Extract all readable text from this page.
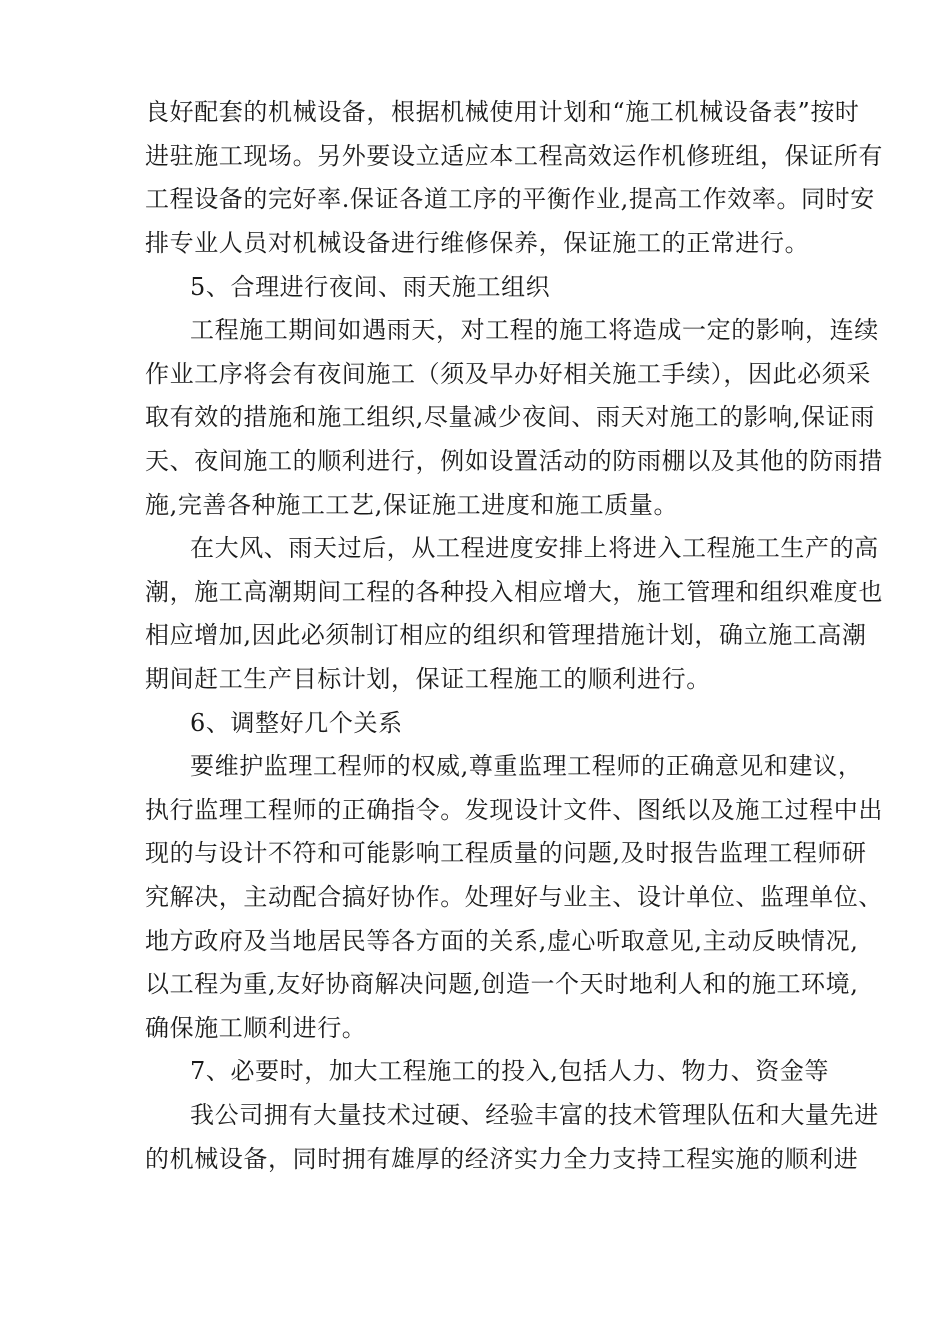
良好配套的机械设备，根据机械使用计划和“施工机械设备表”按时
进驻施工现场。另外要设立适应本工程高效运作机修班组，保证所有
工程设备的完好率.保证各道工序的平衡作业,提高工作效率。同时安
排专业人员对机械设备进行维修保养，保证施工的正常进行。
5、合理进行夜间、雨天施工组织
工程施工期间如遇雨天，对工程的施工将造成一定的影响，连续
作业工序将会有夜间施工（须及早办好相关施工手续），因此必须采
取有效的措施和施工组织,尽量减少夜间、雨天对施工的影响,保证雨
天、夜间施工的顺利进行，例如设置活动的防雨棚以及其他的防雨措
施,完善各种施工工艺,保证施工进度和施工质量。
在大风、雨天过后，从工程进度安排上将进入工程施工生产的高
潮，施工高潮期间工程的各种投入相应增大，施工管理和组织难度也
相应增加,因此必须制订相应的组织和管理措施计划，确立施工高潮
期间赶工生产目标计划，保证工程施工的顺利进行。
6、调整好几个关系
要维护监理工程师的权威,尊重监理工程师的正确意见和建议，
执行监理工程师的正确指令。发现设计文件、图纸以及施工过程中出
现的与设计不符和可能影响工程质量的问题,及时报告监理工程师研
究解决，主动配合搞好协作。处理好与业主、设计单位、监理单位、
地方政府及当地居民等各方面的关系,虚心听取意见,主动反映情况,
以工程为重,友好协商解决问题,创造一个天时地利人和的施工环境,
确保施工顺利进行。
7、必要时，加大工程施工的投入,包括人力、物力、资金等
我公司拥有大量技术过硬、经验丰富的技术管理队伍和大量先进
的机械设备，同时拥有雄厚的经济实力全力支持工程实施的顺利进
